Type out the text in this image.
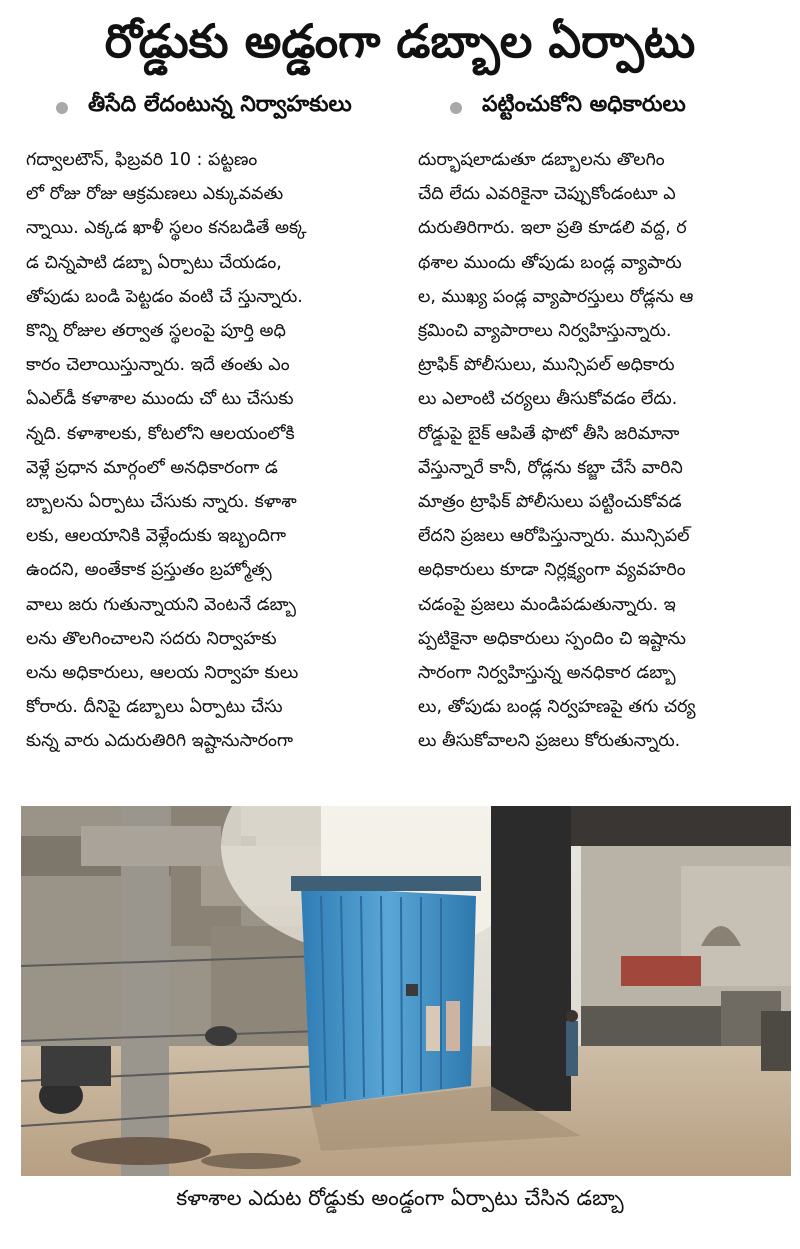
రోడ్డుకు అడ్డంగా డబ్బాల ఏర్పాటు
తీసేది లేదంటున్న నిర్వాహకులు	పట్టించుకోని అధికారులు
గద్వాలటౌన్, ఫిబ్రవరి 10 : పట్టణం
లో రోజు రోజు ఆక్రమణలు ఎక్కువవతు
న్నాయి. ఎక్కడ ఖాళీ స్థలం కనబడితే అక్క
డ చిన్నపాటి డబ్బా ఏర్పాటు చేయడం,
తోపుడు బండి పెట్టడం వంటి చే స్తున్నారు.
కొన్ని రోజుల తర్వాత స్థలంపై పూర్తి అధి
కారం చెలాయిస్తున్నారు. ఇదే తంతు ఎం
ఏఎల్‌డీ కళాశాల ముందు చో టు చేసుకు
న్నది. కళాశాలకు, కోటలోని ఆలయంలోకి
వెళ్లే ప్రధాన మార్గంలో అనధికారంగా డ
బ్బాలను ఏర్పాటు చేసుకు న్నారు. కళాశా
లకు, ఆలయానికి వెళ్లేందుకు ఇబ్బందిగా
ఉందని, అంతేకాక ప్రస్తుతం బ్రహ్మోత్స
వాలు జరు గుతున్నాయని వెంటనే డబ్బా
లను తొలగించాలని సదరు నిర్వాహకు
లను అధికారులు, ఆలయ నిర్వాహ కులు
కోరారు. దీనిపై డబ్బాలు ఏర్పాటు చేసు
కున్న వారు ఎదురుతిరిగి ఇష్టానుసారంగా
దుర్భాషలాడుతూ డబ్బాలను తొలగిం
చేది లేదు ఎవరికైనా చెప్పుకోండంటూ ఎ
దురుతిరిగారు. ఇలా ప్రతి కూడలి వద్ద, ర
థశాల ముందు తోపుడు బండ్ల వ్యాపారు
ల, ముఖ్య పండ్ల వ్యాపారస్తులు రోడ్లను ఆ
క్రమించి వ్యాపారాలు నిర్వహిస్తున్నారు.
ట్రాఫిక్ పోలీసులు, మున్సిపల్ అధికారు
లు ఎలాంటి చర్యలు తీసుకోవడం లేదు.
రోడ్డుపై బైక్ ఆపితే ఫొటో తీసి జరిమానా
వేస్తున్నారే కానీ, రోడ్లను కబ్జా చేసే వారిని
మాత్రం ట్రాఫిక్ పోలీసులు పట్టించుకోవడ
లేదని ప్రజలు ఆరోపిస్తున్నారు. మున్సిపల్
అధికారులు కూడా నిర్లక్ష్యంగా వ్యవహరిం
చడంపై ప్రజలు మండిపడుతున్నారు. ఇ
ప్పటికైనా అధికారులు స్పందిం చి ఇష్టాను
సారంగా నిర్వహిస్తున్న అనధికార డబ్బా
లు, తోపుడు బండ్ల నిర్వహణపై తగు చర్య
లు తీసుకోవాలని ప్రజలు కోరుతున్నారు.
కళాశాల ఎదుట రోడ్డుకు అండ్డంగా ఏర్పాటు చేసిన డబ్బా
